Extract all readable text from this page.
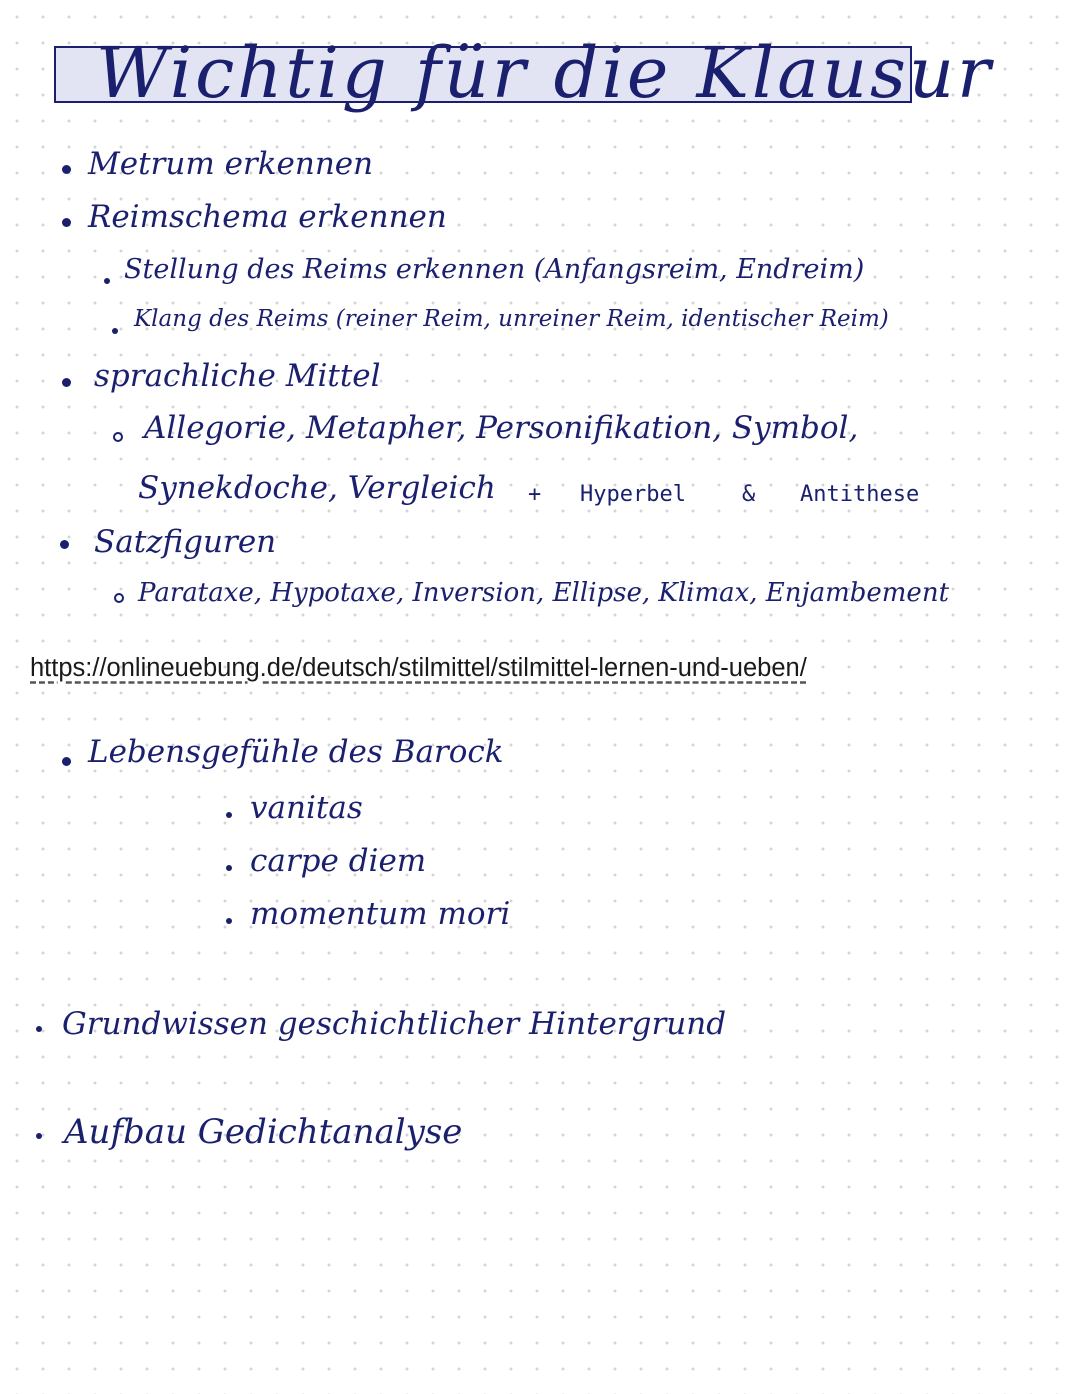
Wichtig für die Klausur
Metrum erkennen
Reimschema erkennen
Stellung des Reims erkennen (Anfangsreim, Endreim)
Klang des Reims (reiner Reim, unreiner Reim, identischer Reim)
sprachliche Mittel
Allegorie, Metapher, Personifikation, Symbol,
Synekdoche, Vergleich + Hyperbel	& Antithese
Satzfiguren
Parataxe, Hypotaxe, Inversion, Ellipse, Klimax, Enjambement
https://onlineuebung.de/deutsch/stilmittel/stilmittel-lernen-und-ueben/
Lebensgefühle des Barock
vanitas
carpe diem
momentum mori
Grundwissen geschichtlicher Hintergrund
Aufbau Gedichtanalyse
